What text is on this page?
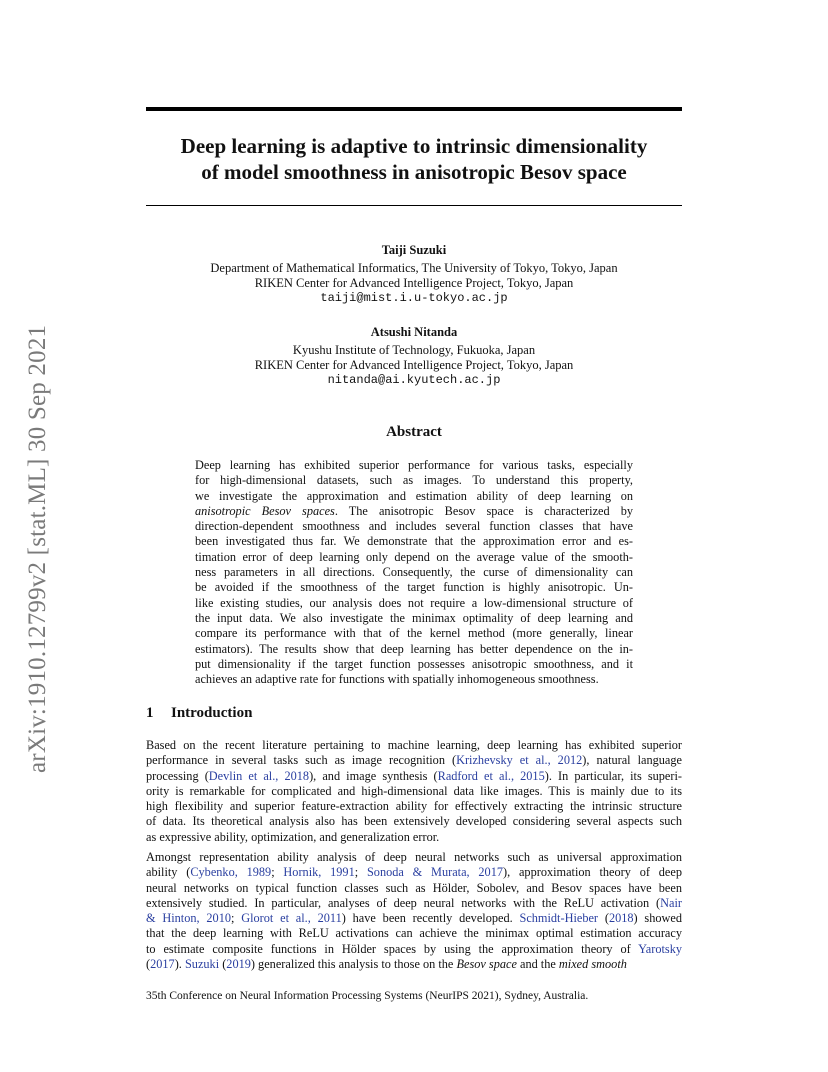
arXiv:1910.12799v2 [stat.ML] 30 Sep 2021
Deep learning is adaptive to intrinsic dimensionality
of model smoothness in anisotropic Besov space
Taiji Suzuki
Department of Mathematical Informatics, The University of Tokyo, Tokyo, Japan
RIKEN Center for Advanced Intelligence Project, Tokyo, Japan
taiji@mist.i.u-tokyo.ac.jp
Atsushi Nitanda
Kyushu Institute of Technology, Fukuoka, Japan
RIKEN Center for Advanced Intelligence Project, Tokyo, Japan
nitanda@ai.kyutech.ac.jp
Abstract
Deep learning has exhibited superior performance for various tasks, especially
for high-dimensional datasets, such as images. To understand this property,
we investigate the approximation and estimation ability of deep learning on
anisotropic Besov spaces. The anisotropic Besov space is characterized by
direction-dependent smoothness and includes several function classes that have
been investigated thus far. We demonstrate that the approximation error and es-
timation error of deep learning only depend on the average value of the smooth-
ness parameters in all directions. Consequently, the curse of dimensionality can
be avoided if the smoothness of the target function is highly anisotropic. Un-
like existing studies, our analysis does not require a low-dimensional structure of
the input data. We also investigate the minimax optimality of deep learning and
compare its performance with that of the kernel method (more generally, linear
estimators). The results show that deep learning has better dependence on the in-
put dimensionality if the target function possesses anisotropic smoothness, and it
achieves an adaptive rate for functions with spatially inhomogeneous smoothness.
1 Introduction
Based on the recent literature pertaining to machine learning, deep learning has exhibited superior
performance in several tasks such as image recognition (Krizhevsky et al., 2012), natural language
processing (Devlin et al., 2018), and image synthesis (Radford et al., 2015). In particular, its superi-
ority is remarkable for complicated and high-dimensional data like images. This is mainly due to its
high flexibility and superior feature-extraction ability for effectively extracting the intrinsic structure
of data. Its theoretical analysis also has been extensively developed considering several aspects such
as expressive ability, optimization, and generalization error.
Amongst representation ability analysis of deep neural networks such as universal approximation
ability (Cybenko, 1989; Hornik, 1991; Sonoda & Murata, 2017), approximation theory of deep
neural networks on typical function classes such as Hölder, Sobolev, and Besov spaces have been
extensively studied. In particular, analyses of deep neural networks with the ReLU activation (Nair
& Hinton, 2010; Glorot et al., 2011) have been recently developed. Schmidt-Hieber (2018) showed
that the deep learning with ReLU activations can achieve the minimax optimal estimation accuracy
to estimate composite functions in Hölder spaces by using the approximation theory of Yarotsky
(2017). Suzuki (2019) generalized this analysis to those on the Besov space and the mixed smooth
35th Conference on Neural Information Processing Systems (NeurIPS 2021), Sydney, Australia.
